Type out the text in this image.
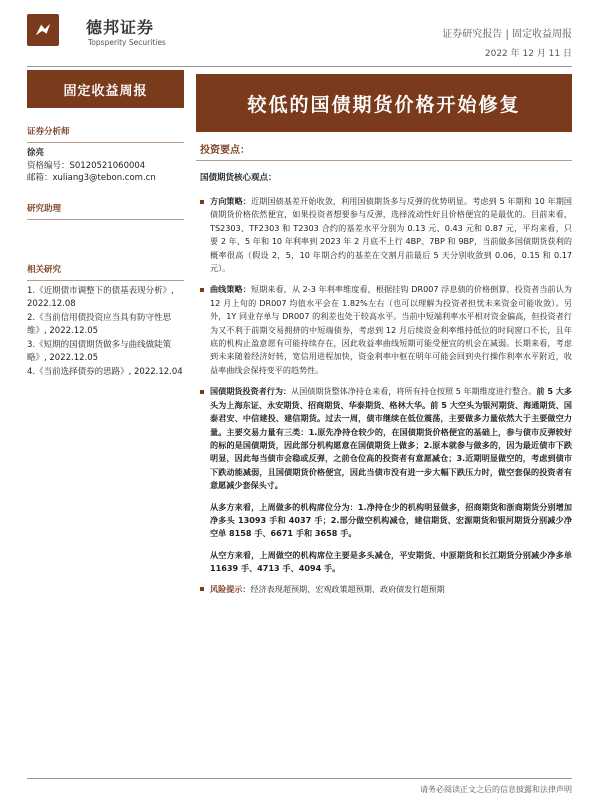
德邦证券
Topsperity Securities
证券研究报告 | 固定收益周报
2022 年 12 月 11 日
固定收益周报
较低的国债期货价格开始修复
证券分析师
徐亮
资格编号：S0120521060004
邮箱：xuliang3@tebon.com.cn
研究助理
相关研究
1.《近期债市调整下的债基表现分析》, 2022.12.08
2.《当前信用债投资应当具有防守性思维》, 2022.12.05
3.《短期的国债期货做多与曲线做陡策略》, 2022.12.05
4.《当前选择债券的思路》, 2022.12.04
投资要点：
国债期货核心观点：
方向策略：近期国债基差开始收敛，利用国债期货多与反弹的优势明显。考虑到 5 年期和 10 年期国债期货价格依然便宜，如果投资者想要参与反弹，选择流动性好且价格便宜的是最优的。目前来看，TS2303、TF2303 和 T2303 合约的基差水平分别为 0.13 元、0.43 元和 0.87 元，平均来看，只要 2 年、5 年和 10 年利率到 2023 年 2 月底不上行 4BP、7BP 和 9BP，当前做多国债期货获利的概率很高（假设 2，5，10 年期合约的基差在交割月前最后 5 天分别收敛到 0.06，0.15 和 0.17 元）。
曲线策略：短期来看，从 2-3 年利率维度看，根据挂钩 DR007 浮息债的价格倒算，投资者当前认为 12 月上旬的 DR007 均值水平会在 1.82%左右（也可以理解为投资者担忧未来资金可能收敛）。另外，1Y 同业存单与 DR007 的利差也处于较高水平。当前中短端利率水平相对资金偏高，但投资者行为又不利于前期交易拥挤的中短端债券，考虑到 12 月后续资金利率维持低位的时间窗口不长，且年底的机构止盈意愿有可能持续存在，因此收益率曲线短期可能受便宜的机会在减弱。长期来看，考虑到未来随着经济好转，宽信用进程加快，资金利率中枢在明年可能会回到央行操作利率水平附近，收益率曲线会保持变平的趋势性。
国债期货投资者行为：从国债期货整体净持仓来看，将所有持仓按照 5 年期维度进行整合。前 5 大多头为上海东证、永安期货、招商期货、华泰期货、格林大华。前 5 大空头为银河期货、海通期货、国泰君安、中信建投、建信期货。过去一周，债市继续在低位震荡，主要做多力量依然大于主要做空力量。主要交易力量有三类：1.原先净持仓较少的，在国债期货价格便宜的基础上，参与债市反弹较好的标的是国债期货，因此部分机构愿意在国债期货上做多；2.原本就参与做多的，因为最近债市下跌明显，因此每当债市会稳或反弹，之前仓位高的投资者有意愿减仓；3.近期明显做空的，考虑到债市下跌动能减弱，且国债期货价格便宜，因此当债市没有进一步大幅下跌压力时，做空套保的投资者有意愿减少套保头寸。
从多方来看，上周做多的机构席位分为：1.净持仓少的机构明显做多，招商期货和浙商期货分别增加净多头 13093 手和 4037 手；2.部分做空机构减仓，建信期货、宏源期货和银河期货分别减少净空单 8158 手、6671 手和 3658 手。
从空方来看，上周做空的机构席位主要是多头减仓，平安期货、中原期货和长江期货分别减少净多单 11639 手、4713 手、4094 手。
风险提示：经济表现超预期、宏观政策超预期、政府债发行超预期
请务必阅读正文之后的信息披露和法律声明
